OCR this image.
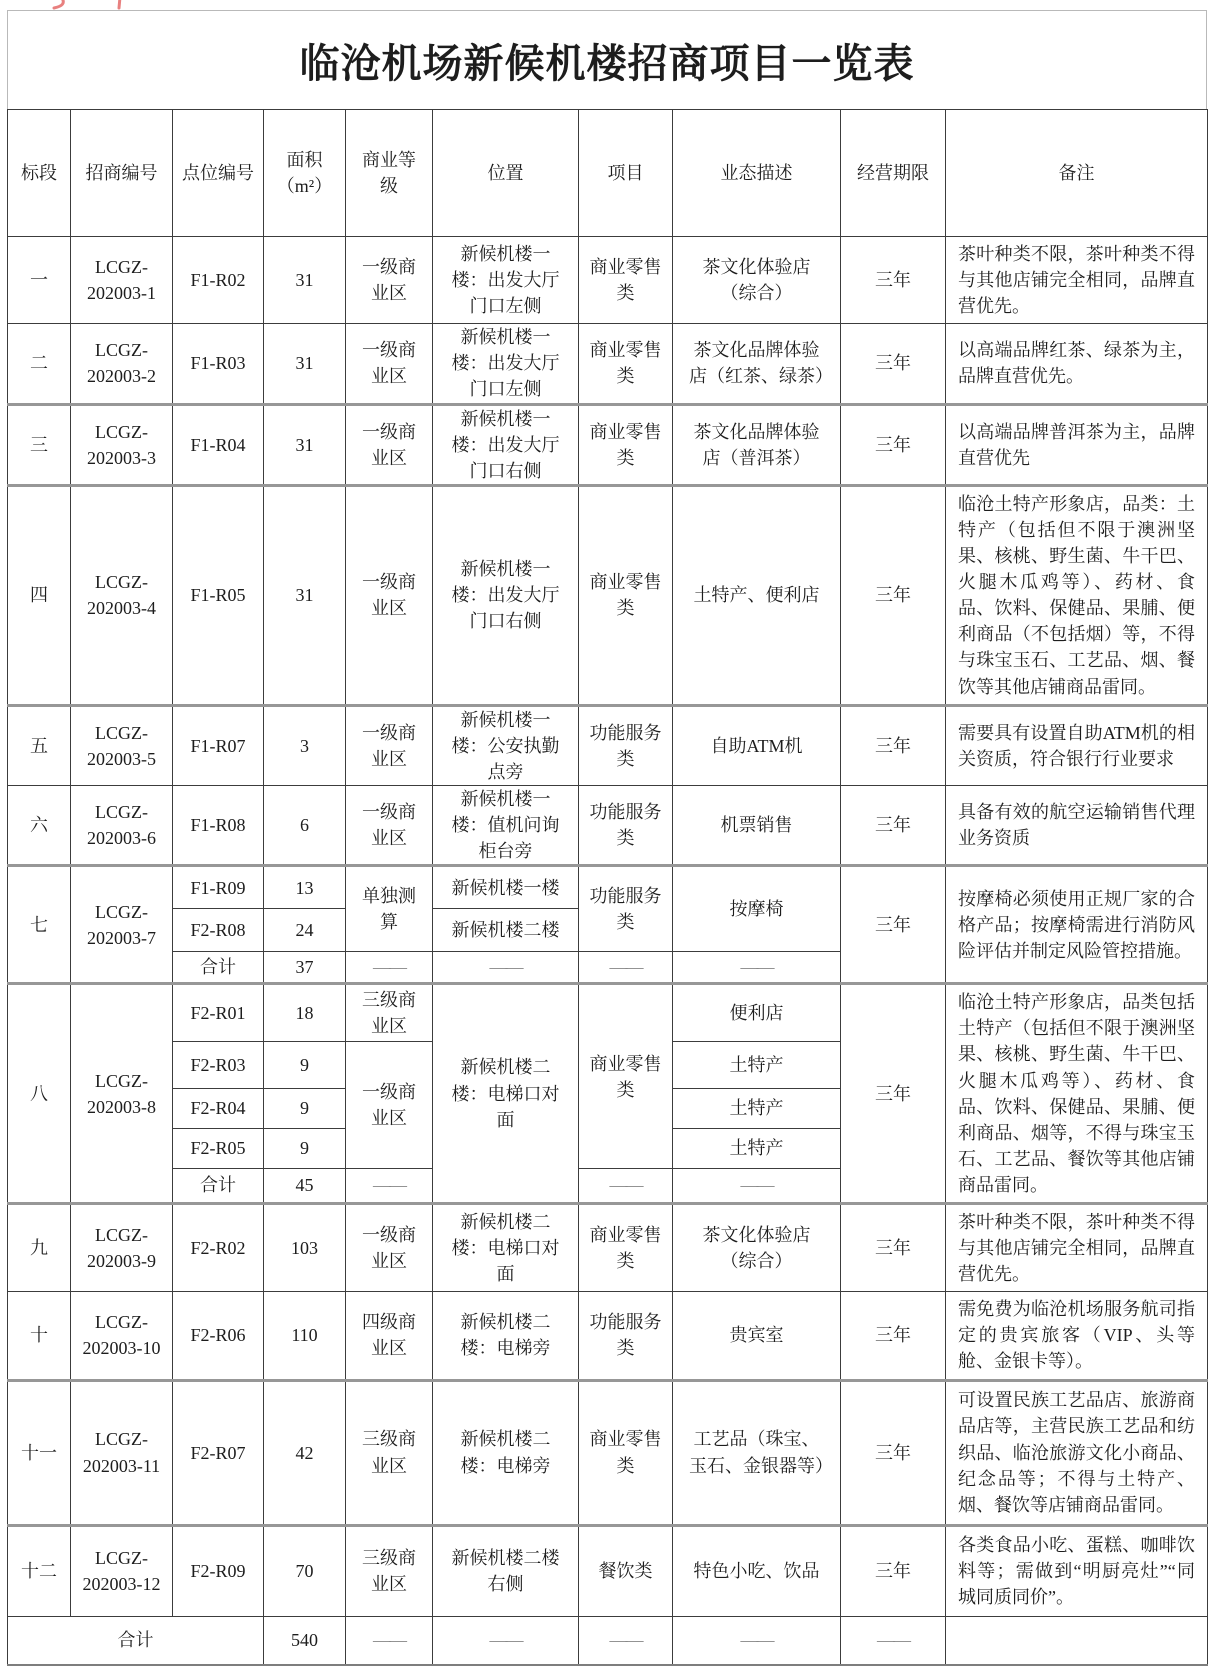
临沧机场新候机楼招商项目一览表
标段	招商编号	点位编号	面积（m²）	商业等级	位置	项目	业态描述	经营期限	备注
一	LCGZ-202003-1	F1-R02	31	一级商业区	新候机楼一楼：出发大厅门口左侧	商业零售类	茶文化体验店（综合）	三年	茶叶种类不限，茶叶种类不得与其他店铺完全相同，品牌直营优先。
二	LCGZ-202003-2	F1-R03	31	一级商业区	新候机楼一楼：出发大厅门口左侧	商业零售类	茶文化品牌体验店（红茶、绿茶）	三年	以高端品牌红茶、绿茶为主，品牌直营优先。
三	LCGZ-202003-3	F1-R04	31	一级商业区	新候机楼一楼：出发大厅门口右侧	商业零售类	茶文化品牌体验店（普洱茶）	三年	以高端品牌普洱茶为主，品牌直营优先
四	LCGZ-202003-4	F1-R05	31	一级商业区	新候机楼一楼：出发大厅门口右侧	商业零售类	土特产、便利店	三年	临沧土特产形象店，品类：土特产（包括但不限于澳洲坚果、核桃、野生菌、牛干巴、火腿木瓜鸡等）、药材、食品、饮料、保健品、果脯、便利商品（不包括烟）等，不得与珠宝玉石、工艺品、烟、餐饮等其他店铺商品雷同。
五	LCGZ-202003-5	F1-R07	3	一级商业区	新候机楼一楼：公安执勤点旁	功能服务类	自助ATM机	三年	需要具有设置自助ATM机的相关资质，符合银行行业要求
六	LCGZ-202003-6	F1-R08	6	一级商业区	新候机楼一楼：值机问询柜台旁	功能服务类	机票销售	三年	具备有效的航空运输销售代理业务资质
七	LCGZ-202003-7	F1-R09	13	单独测算	新候机楼一楼	功能服务类	按摩椅	三年	按摩椅必须使用正规厂家的合格产品；按摩椅需进行消防风险评估并制定风险管控措施。
		F2-R08	24		新候机楼二楼				
		合计	37	——	——	——	——		
八	LCGZ-202003-8	F2-R01	18	三级商业区	新候机楼二楼：电梯口对面	商业零售类	便利店	三年	临沧土特产形象店，品类包括土特产（包括但不限于澳洲坚果、核桃、野生菌、牛干巴、火腿木瓜鸡等）、药材、食品、饮料、保健品、果脯、便利商品、烟等，不得与珠宝玉石、工艺品、餐饮等其他店铺商品雷同。
		F2-R03	9	一级商业区			土特产		
		F2-R04	9				土特产		
		F2-R05	9				土特产		
		合计	45	——		——	——		
九	LCGZ-202003-9	F2-R02	103	一级商业区	新候机楼二楼：电梯口对面	商业零售类	茶文化体验店（综合）	三年	茶叶种类不限，茶叶种类不得与其他店铺完全相同，品牌直营优先。
十	LCGZ-202003-10	F2-R06	110	四级商业区	新候机楼二楼：电梯旁	功能服务类	贵宾室	三年	需免费为临沧机场服务航司指定的贵宾旅客（VIP、头等舱、金银卡等）。
十一	LCGZ-202003-11	F2-R07	42	三级商业区	新候机楼二楼：电梯旁	商业零售类	工艺品（珠宝、玉石、金银器等）	三年	可设置民族工艺品店、旅游商品店等，主营民族工艺品和纺织品、临沧旅游文化小商品、纪念品等；不得与土特产、烟、餐饮等店铺商品雷同。
十二	LCGZ-202003-12	F2-R09	70	三级商业区	新候机楼二楼右侧	餐饮类	特色小吃、饮品	三年	各类食品小吃、蛋糕、咖啡饮料等；需做到“明厨亮灶”“同城同质同价”。
合计			540	——	——	——	——	——	
